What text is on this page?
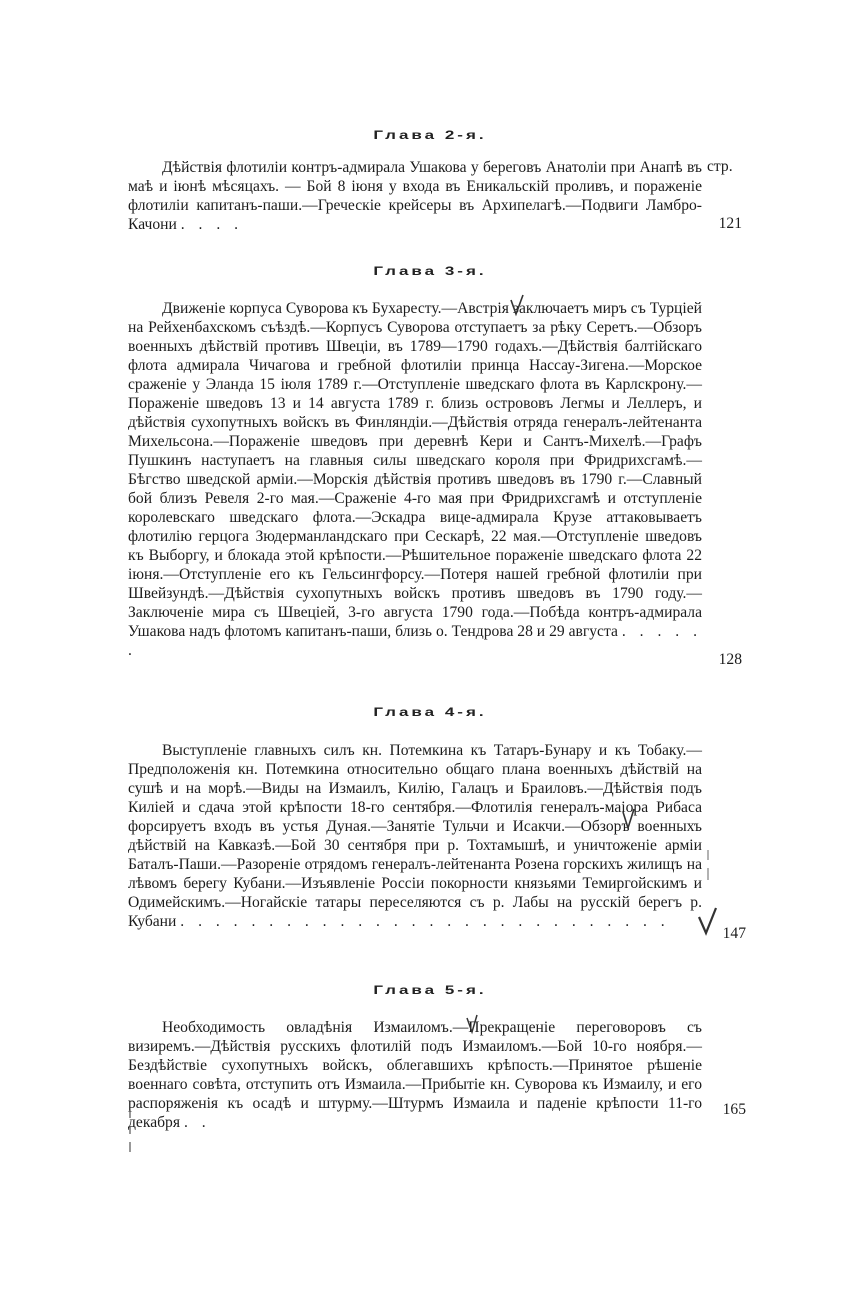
Глава 2-я.
стр.
Дѣйствія флотиліи контръ-адмирала Ушакова у береговъ Анатоліи при Анапѣ въ маѣ и іюнѣ мѣсяцахъ. — Бой 8 іюня у входа въ Еникальскій проливъ, и пораженіе флотиліи капитанъ-паши.—Греческіе крейсеры въ Архипелагѣ.—Подвиги Ламбро-Качони . . . .	121
Глава 3-я.
Движеніе корпуса Суворова къ Бухаресту.—Австрія заключаетъ миръ съ Турціей на Рейхенбахскомъ съѣздѣ.—Корпусъ Суворова отступаетъ за рѣку Серетъ.—Обзоръ военныхъ дѣйствій противъ Швеціи, въ 1789—1790 годахъ.—Дѣйствія балтійскаго флота адмирала Чичагова и гребной флотиліи принца Нассау-Зигена.—Морское сраженіе у Эланда 15 іюля 1789 г.—Отступленіе шведскаго флота въ Карлскрону.—Пораженіе шведовъ 13 и 14 августа 1789 г. близь острововъ Легмы и Леллеръ, и дѣйствія сухопутныхъ войскъ въ Финляндіи.—Дѣйствія отряда генералъ-лейтенанта Михельсона.—Пораженіе шведовъ при деревнѣ Кери и Сантъ-Михелѣ.—Графъ Пушкинъ наступаетъ на главныя силы шведскаго короля при Фридрихсгамѣ.—Бѣгство шведской арміи.—Морскія дѣйствія противъ шведовъ въ 1790 г.—Славный бой близъ Ревеля 2-го мая.—Сраженіе 4-го мая при Фридрихсгамѣ и отступленіе королевскаго шведскаго флота.—Эскадра вице-адмирала Крузе аттаковываетъ флотилію герцога Зюдерманландскаго при Сескарѣ, 22 мая.—Отступленіе шведовъ къ Выборгу, и блокада этой крѣпости.—Рѣшительное пораженіе шведскаго флота 22 іюня.—Отступленіе его къ Гельсингфорсу.—Потеря нашей гребной флотиліи при Швейзундѣ.—Дѣйствія сухопутныхъ войскъ противъ шведовъ въ 1790 году.—Заключеніе мира съ Швеціей, 3-го августа 1790 года.—Побѣда контръ-адмирала Ушакова надъ флотомъ капитанъ-паши, близь о. Тендрова 28 и 29 августа . . . . . .
128
Глава 4-я.
Выступленіе главныхъ силъ кн. Потемкина къ Татаръ-Бунару и къ Тобаку.—Предположенія кн. Потемкина относительно общаго плана военныхъ дѣйствій на сушѣ и на морѣ.—Виды на Измаилъ, Килію, Галацъ и Браиловъ.—Дѣйствія подъ Киліей и сдача этой крѣпости 18-го сентября.—Флотилія генералъ-маіора Рибаса форсируетъ входъ въ устья Дуная.—Занятіе Тульчи и Исакчи.—Обзоръ военныхъ дѣйствій на Кавказѣ.—Бой 30 сентября при р. Тохтамышѣ, и уничтоженіе арміи Баталъ-Паши.—Разореніе отрядомъ генералъ-лейтенанта Розена горскихъ жилищъ на лѣвомъ берегу Кубани.—Изъявленіе Россіи покорности князьями Темиргойскимъ и Одимейскимъ.—Ногайскіе татары переселяются съ р. Лабы на русскій берегъ р. Кубани . . . . . . . . . . . . . . . . . . . . . . . . . . . .
147
Глава 5-я.
Необходимость овладѣнія Измаиломъ.—Прекращеніе переговоровъ съ визиремъ.—Дѣйствія русскихъ флотилій подъ Измаиломъ.—Бой 10-го ноября.—Бездѣйствіе сухопутныхъ войскъ, облегавшихъ крѣпость.—Принятое рѣшеніе военнаго совѣта, отступить отъ Измаила.—Прибытіе кн. Суворова къ Измаилу, и его распоряженія къ осадѣ и штурму.—Штурмъ Измаила и паденіе крѣпости 11-го декабря . .
165
